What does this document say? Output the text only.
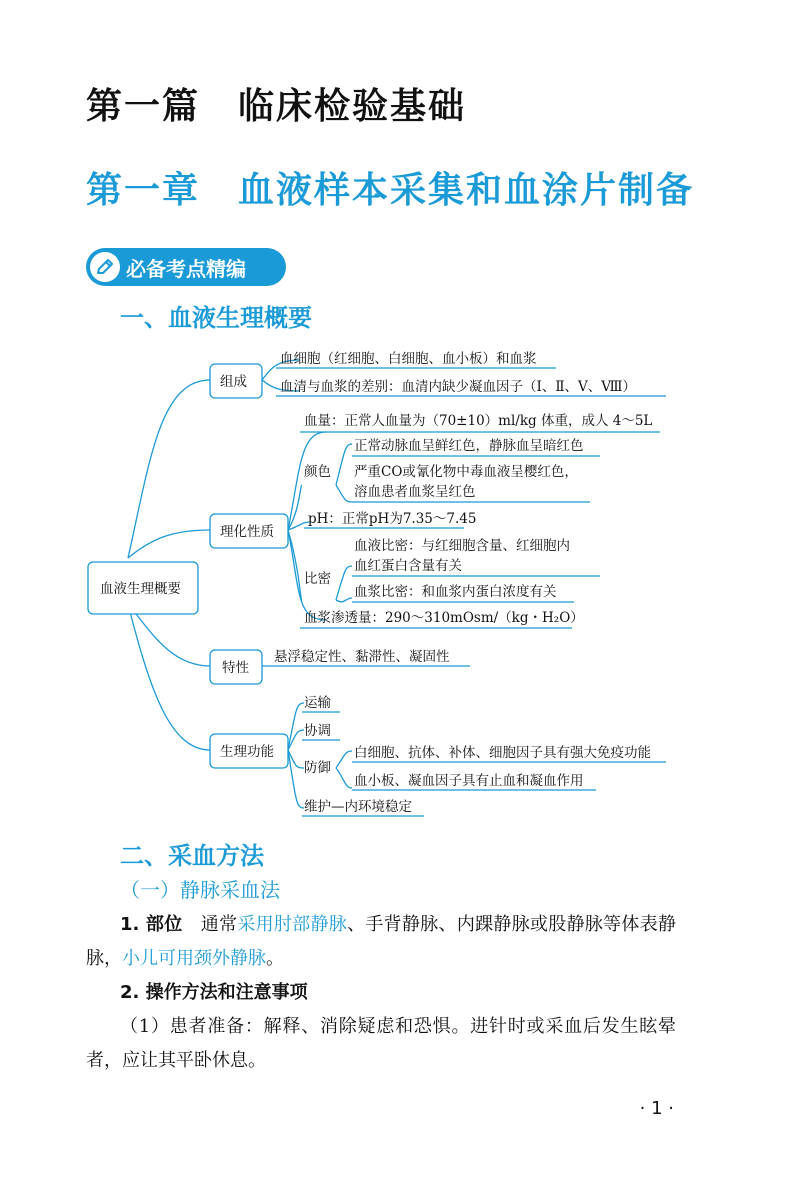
第一篇　临床检验基础
第一章　血液样本采集和血涂片制备
必备考点精编
一、血液生理概要
血液生理概要
组成
理化性质
特性
生理功能
血细胞（红细胞、白细胞、血小板）和血浆
血清与血浆的差别：血清内缺少凝血因子（Ⅰ、Ⅱ、Ⅴ、Ⅷ）
血量：正常人血量为（70±10）ml/kg 体重，成人 4～5L
颜色
正常动脉血呈鲜红色，静脉血呈暗红色
严重CO或氰化物中毒血液呈樱红色，
溶血患者血浆呈红色
pH：正常pH为7.35～7.45
比密
血液比密：与红细胞含量、红细胞内
血红蛋白含量有关
血浆比密：和血浆内蛋白浓度有关
血浆渗透量：290～310mOsm/（kg・H₂O）
悬浮稳定性、黏滞性、凝固性
运输
协调
防御
白细胞、抗体、补体、细胞因子具有强大免疫功能
血小板、凝血因子具有止血和凝血作用
维护—内环境稳定
二、采血方法
（一）静脉采血法
1. 部位　 通常采用肘部静脉、手背静脉、内踝静脉或股静脉等体表静脉，小儿可用颈外静脉。
2. 操作方法和注意事项
（1）患者准备：解释、消除疑虑和恐惧。进针时或采血后发生眩晕者，应让其平卧休息。
· 1 ·
